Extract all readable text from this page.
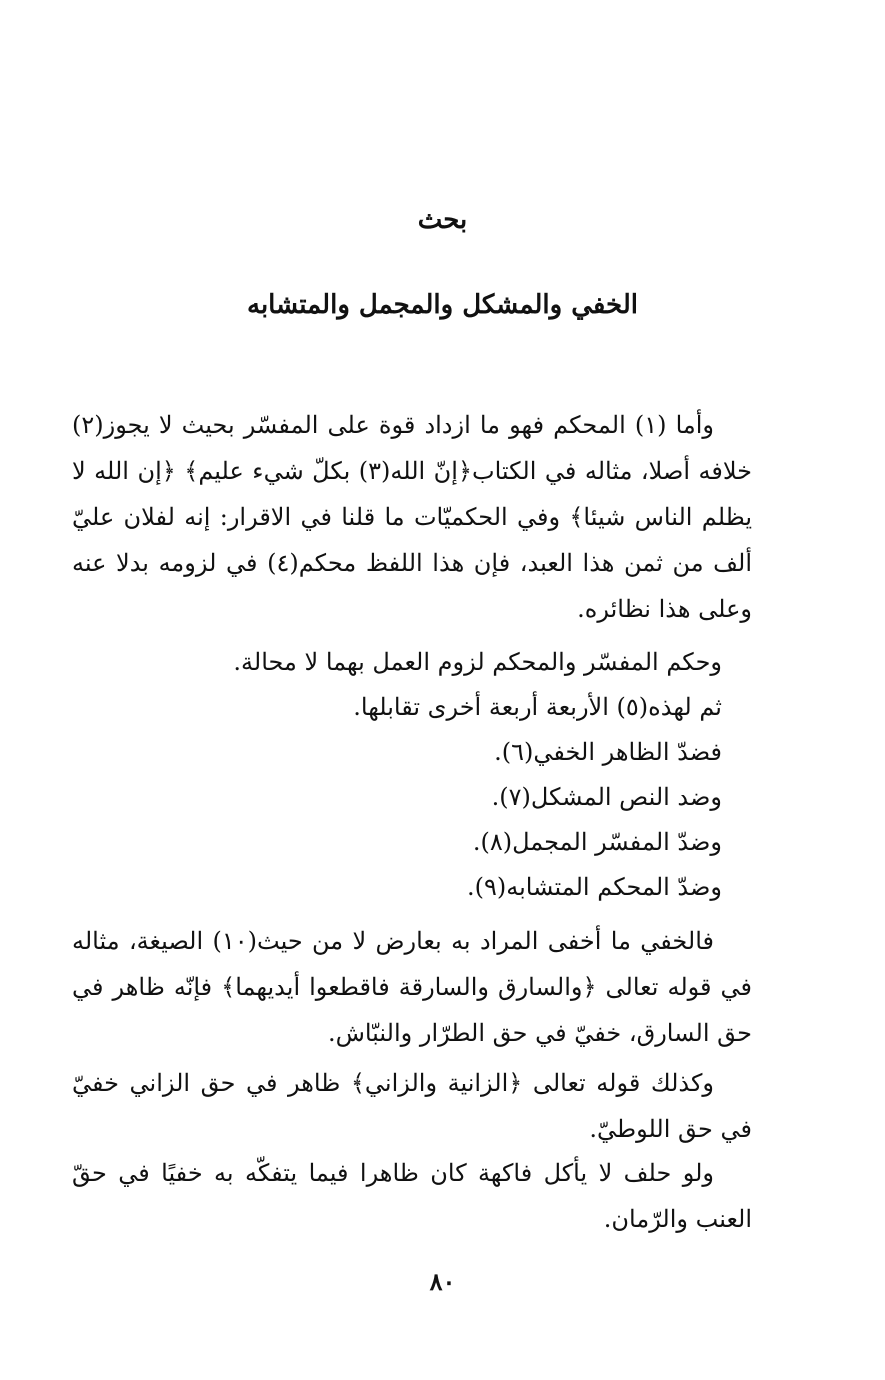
بحث
الخفي والمشكل والمجمل والمتشابه

وأما (١) المحكم فهو ما ازداد قوة على المفسّر بحيث لا يجوز(٢) خلافه أصلا، مثاله في الكتاب﴿إنّ الله(٣) بكلّ شيء عليم﴾ ﴿إن الله لا يظلم الناس شيئا﴾ وفي الحكميّات ما قلنا في الاقرار: إنه لفلان عليّ ألف من ثمن هذا العبد، فإن هذا اللفظ محكم(٤) في لزومه بدلا عنه وعلى هذا نظائره.

وحكم المفسّر والمحكم لزوم العمل بهما لا محالة.
ثم لهذه(٥) الأربعة أربعة أخرى تقابلها.
فضدّ الظاهر الخفي(٦).
وضد النص المشكل(٧).
وضدّ المفسّر المجمل(٨).
وضدّ المحكم المتشابه(٩).

فالخفي ما أخفى المراد به بعارض لا من حيث(١٠) الصيغة، مثاله في قوله تعالى ﴿والسارق والسارقة فاقطعوا أيديهما﴾ فإنّه ظاهر في حق السارق، خفيّ في حق الطرّار والنبّاش.

وكذلك قوله تعالى ﴿الزانية والزاني﴾ ظاهر في حق الزاني خفيّ في حق اللوطيّ.

ولو حلف لا يأكل فاكهة كان ظاهرا فيما يتفكّه به خفيًا في حقّ العنب والرّمان.

٨٠
